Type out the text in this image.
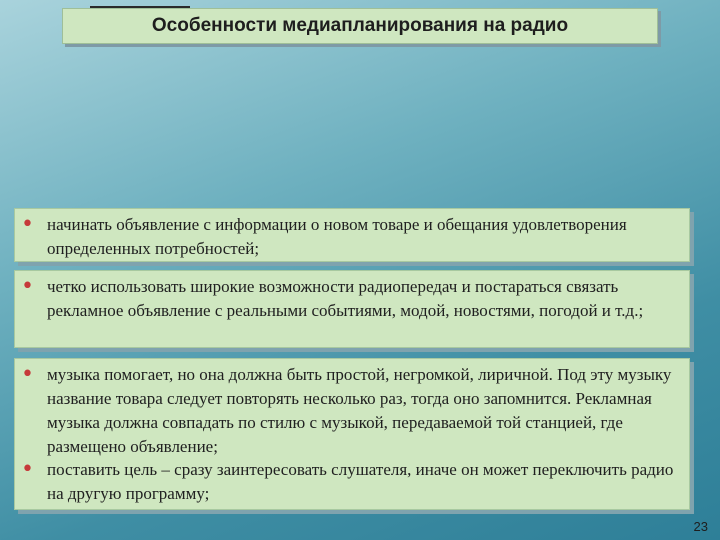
Особенности медиапланирования на радио
• начинать объявление с информации о новом товаре и обещания удовлетворения определенных потребностей;
• четко использовать широкие возможности радиопередач и постараться связать рекламное объявление с реальными событиями, модой, новостями, погодой и т.д.;
• музыка помогает, но она должна быть простой, негромкой, лиричной. Под эту музыку название товара следует повторять несколько раз, тогда оно запомнится. Рекламная музыка должна совпадать по стилю с музыкой, передаваемой той станцией, где размещено объявление;
• поставить цель – сразу заинтересовать слушателя, иначе он может переключить радио на другую программу;
23
